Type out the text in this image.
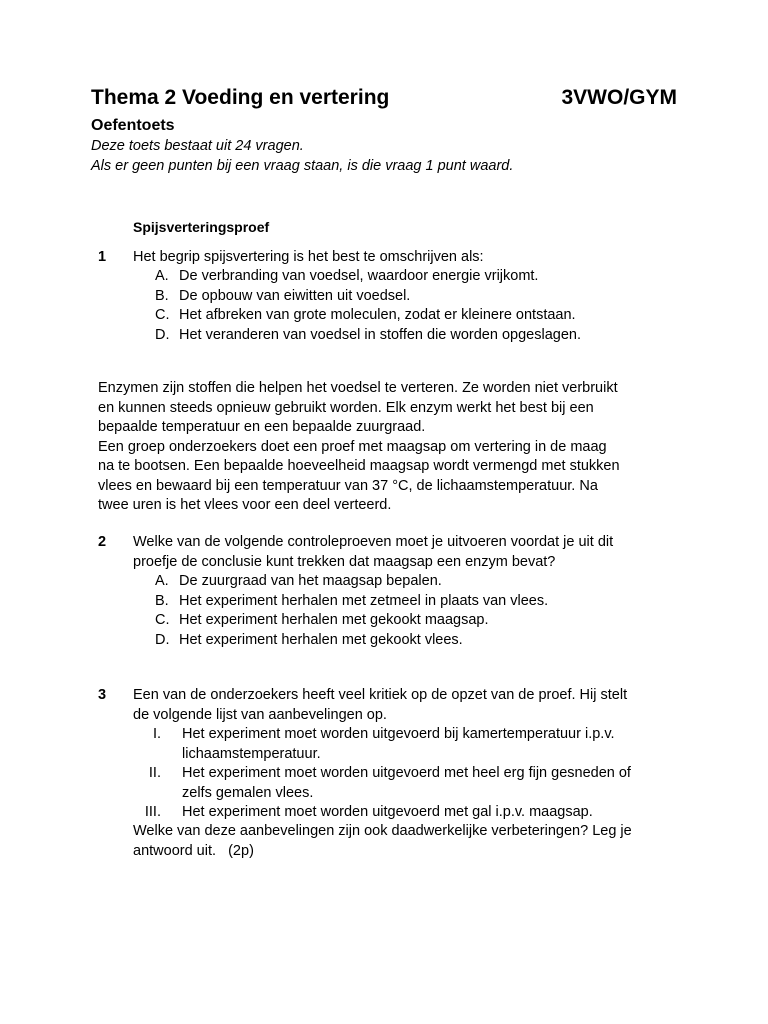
Thema 2 Voeding en vertering	3VWO/GYM
Oefentoets
Deze toets bestaat uit 24 vragen.
Als er geen punten bij een vraag staan, is die vraag 1 punt waard.
Spijsverteringsproef
1 Het begrip spijsvertering is het best te omschrijven als:
A. De verbranding van voedsel, waardoor energie vrijkomt.
B. De opbouw van eiwitten uit voedsel.
C. Het afbreken van grote moleculen, zodat er kleinere ontstaan.
D. Het veranderen van voedsel in stoffen die worden opgeslagen.
Enzymen zijn stoffen die helpen het voedsel te verteren. Ze worden niet verbruikt
en kunnen steeds opnieuw gebruikt worden. Elk enzym werkt het best bij een
bepaalde temperatuur en een bepaalde zuurgraad.
Een groep onderzoekers doet een proef met maagsap om vertering in de maag
na te bootsen. Een bepaalde hoeveelheid maagsap wordt vermengd met stukken
vlees en bewaard bij een temperatuur van 37 °C, de lichaamstemperatuur. Na
twee uren is het vlees voor een deel verteerd.
2 Welke van de volgende controleproeven moet je uitvoeren voordat je uit dit
proefje de conclusie kunt trekken dat maagsap een enzym bevat?
A. De zuurgraad van het maagsap bepalen.
B. Het experiment herhalen met zetmeel in plaats van vlees.
C. Het experiment herhalen met gekookt maagsap.
D. Het experiment herhalen met gekookt vlees.
3 Een van de onderzoekers heeft veel kritiek op de opzet van de proef. Hij stelt
de volgende lijst van aanbevelingen op.
I. Het experiment moet worden uitgevoerd bij kamertemperatuur i.p.v.
lichaamstemperatuur.
II. Het experiment moet worden uitgevoerd met heel erg fijn gesneden of
zelfs gemalen vlees.
III. Het experiment moet worden uitgevoerd met gal i.p.v. maagsap.
Welke van deze aanbevelingen zijn ook daadwerkelijke verbeteringen? Leg je
antwoord uit.   (2p)
